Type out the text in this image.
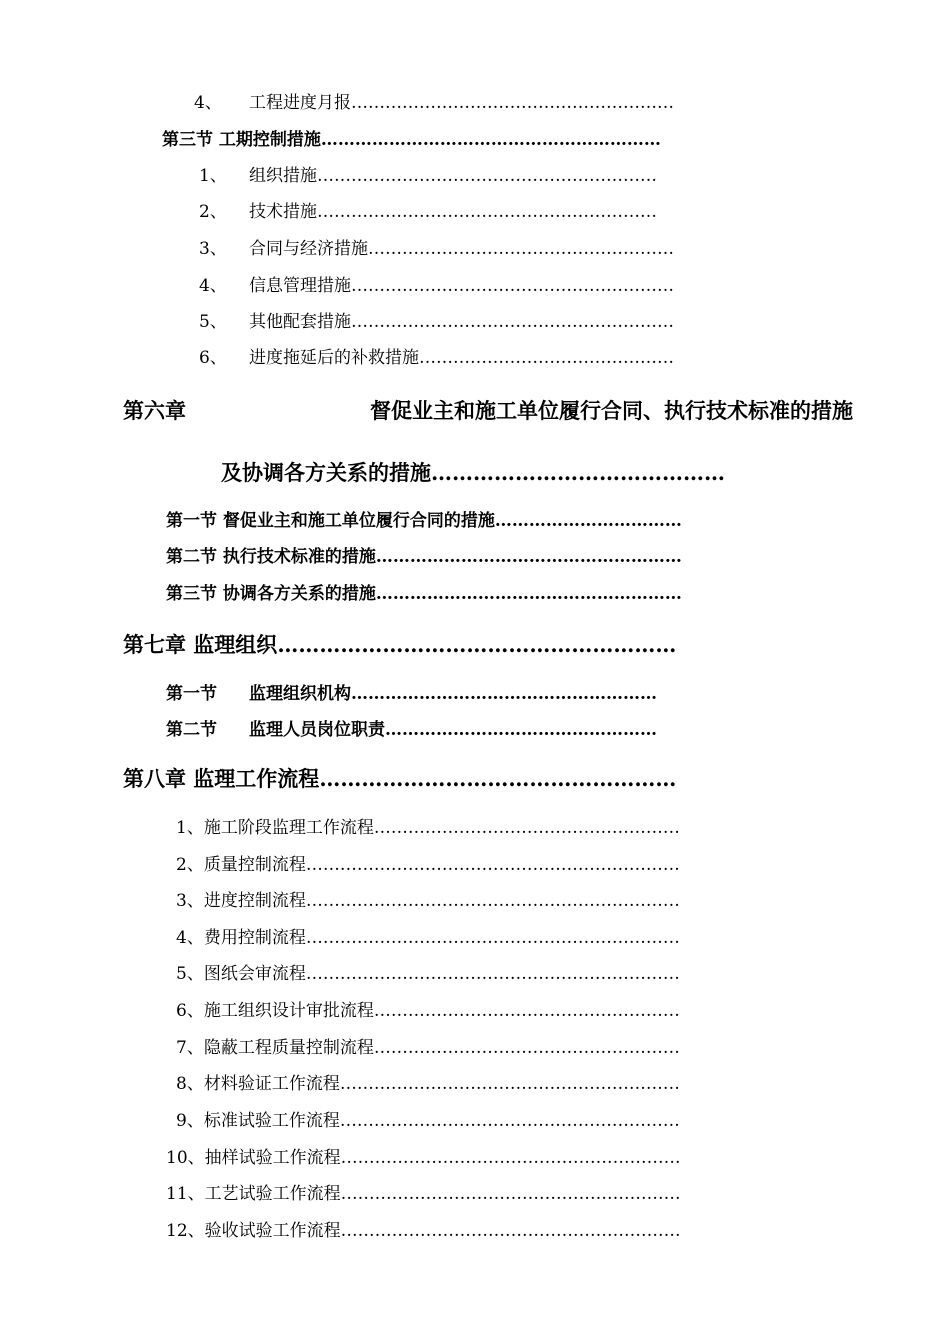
4、 工程进度月报…………………………………………………
第三节 工期控制措施……………………………………………………
1、 组织措施……………………………………………………
2、 技术措施……………………………………………………
3、 合同与经济措施………………………………………………
4、 信息管理措施…………………………………………………
5、 其他配套措施…………………………………………………
6、 进度拖延后的补救措施………………………………………
第六章	督促业主和施工单位履行合同、执行技术标准的措施
及协调各方关系的措施……………………………………
第一节 督促业主和施工单位履行合同的措施……………………………
第二节 执行技术标准的措施………………………………………………
第三节 协调各方关系的措施………………………………………………
第七章 监理组织…………………………………………………
第一节 监理组织机构………………………………………………
第二节 监理人员岗位职责…………………………………………
第八章 监理工作流程……………………………………………
1、施工阶段监理工作流程………………………………………………
2、质量控制流程…………………………………………………………
3、进度控制流程…………………………………………………………
4、费用控制流程…………………………………………………………
5、图纸会审流程…………………………………………………………
6、施工组织设计审批流程………………………………………………
7、隐蔽工程质量控制流程………………………………………………
8、材料验证工作流程……………………………………………………
9、标准试验工作流程……………………………………………………
10、抽样试验工作流程……………………………………………………
11、工艺试验工作流程……………………………………………………
12、验收试验工作流程……………………………………………………
